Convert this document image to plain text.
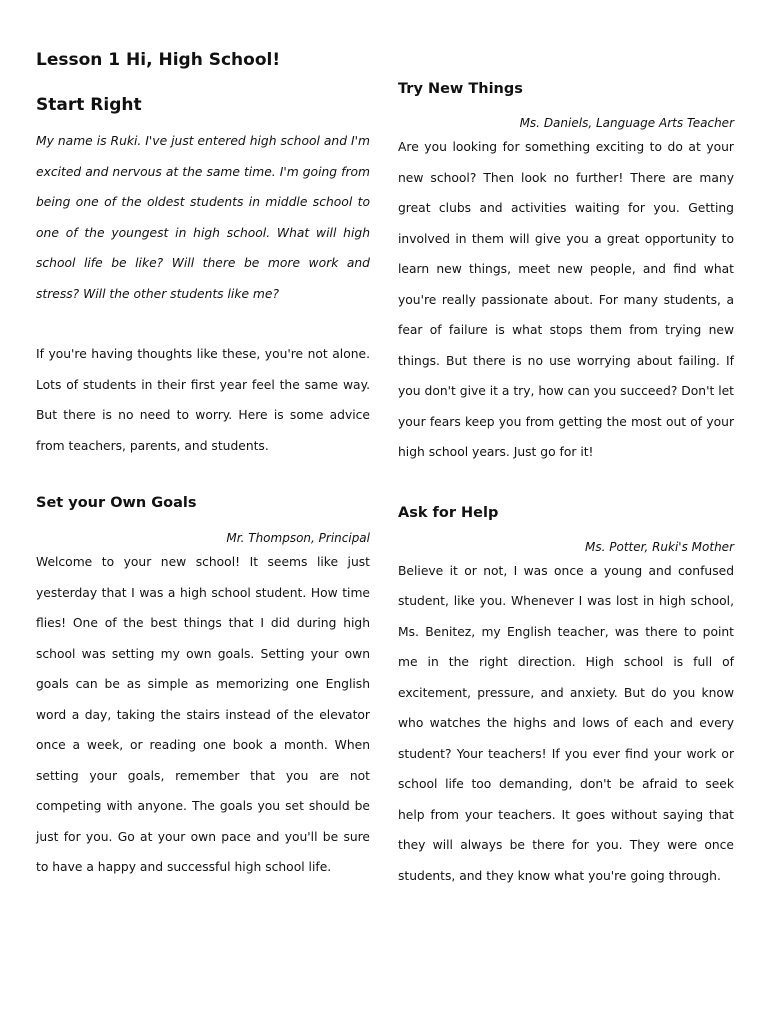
Lesson 1 Hi, High School!
Start Right

My name is Ruki. I've just entered high school and I'm excited and nervous at the same time. I'm going from being one of the oldest students in middle school to one of the youngest in high school. What will high school life be like? Will there be more work and stress? Will the other students like me?

If you're having thoughts like these, you're not alone. Lots of students in their first year feel the same way. But there is no need to worry. Here is some advice from teachers, parents, and students.

Set your Own Goals

Mr. Thompson, Principal

Welcome to your new school! It seems like just yesterday that I was a high school student. How time flies! One of the best things that I did during high school was setting my own goals. Setting your own goals can be as simple as memorizing one English word a day, taking the stairs instead of the elevator once a week, or reading one book a month. When setting your goals, remember that you are not competing with anyone. The goals you set should be just for you. Go at your own pace and you'll be sure to have a happy and successful high school life.

Try New Things

Ms. Daniels, Language Arts Teacher

Are you looking for something exciting to do at your new school? Then look no further! There are many great clubs and activities waiting for you. Getting involved in them will give you a great opportunity to learn new things, meet new people, and find what you're really passionate about. For many students, a fear of failure is what stops them from trying new things. But there is no use worrying about failing. If you don't give it a try, how can you succeed? Don't let your fears keep you from getting the most out of your high school years. Just go for it!

Ask for Help

Ms. Potter, Ruki's Mother

Believe it or not, I was once a young and confused student, like you. Whenever I was lost in high school, Ms. Benitez, my English teacher, was there to point me in the right direction. High school is full of excitement, pressure, and anxiety. But do you know who watches the highs and lows of each and every student? Your teachers! If you ever find your work or school life too demanding, don't be afraid to seek help from your teachers. It goes without saying that they will always be there for you. They were once students, and they know what you're going through.
